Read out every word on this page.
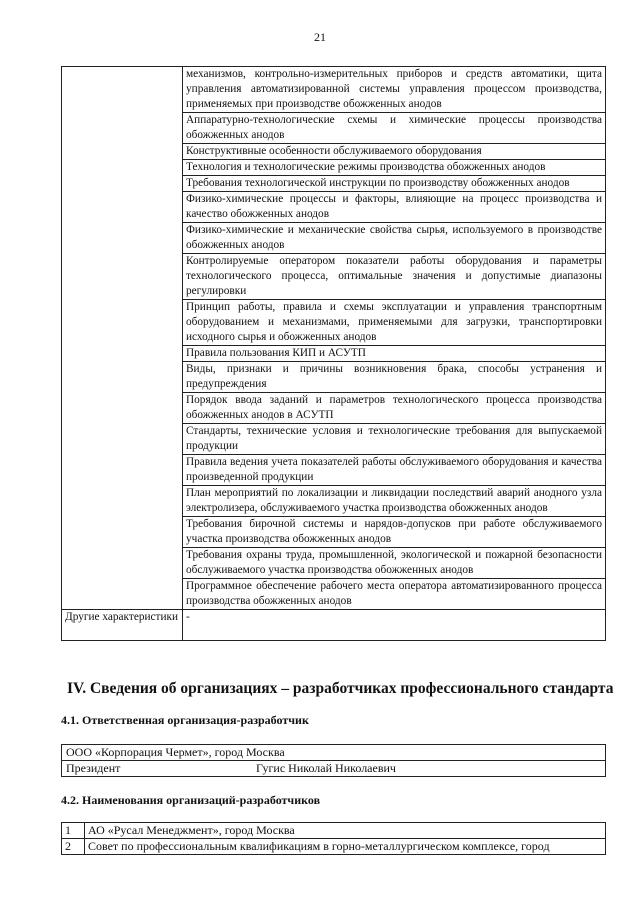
21
	механизмов, контрольно-измерительных приборов и средств автоматики, щита управления автоматизированной системы управления процессом производства, применяемых при производстве обожженных анодов
	Аппаратурно-технологические схемы и химические процессы производства обожженных анодов
	Конструктивные особенности обслуживаемого оборудования
	Технология и технологические режимы производства обожженных анодов
	Требования технологической инструкции по производству обожженных анодов
	Физико-химические процессы и факторы, влияющие на процесс производства и качество обожженных анодов
	Физико-химические и механические свойства сырья, используемого в производстве обожженных анодов
	Контролируемые оператором показатели работы оборудования и параметры технологического процесса, оптимальные значения и допустимые диапазоны регулировки
	Принцип работы, правила и схемы эксплуатации и управления транспортным оборудованием и механизмами, применяемыми для загрузки, транспортировки исходного сырья и обожженных анодов
	Правила пользования КИП и АСУТП
	Виды, признаки и причины возникновения брака, способы устранения и предупреждения
	Порядок ввода заданий и параметров технологического процесса производства обожженных анодов в АСУТП
	Стандарты, технические условия и технологические требования для выпускаемой продукции
	Правила ведения учета показателей работы обслуживаемого оборудования и качества произведенной продукции
	План мероприятий по локализации и ликвидации последствий аварий анодного узла электролизера, обслуживаемого участка производства обожженных анодов
	Требования бирочной системы и нарядов-допусков при работе обслуживаемого участка производства обожженных анодов
	Требования охраны труда, промышленной, экологической и пожарной безопасности обслуживаемого участка производства обожженных анодов
	Программное обеспечение рабочего места оператора автоматизированного процесса производства обожженных анодов
Другие характеристики	-
IV. Сведения об организациях – разработчиках профессионального стандарта
4.1. Ответственная организация-разработчик
ООО «Корпорация Чермет», город Москва
Президент	Гугис Николай Николаевич
4.2. Наименования организаций-разработчиков
1	АО «Русал Менеджмент», город Москва
2	Совет по профессиональным квалификациям в горно-металлургическом комплексе, город
